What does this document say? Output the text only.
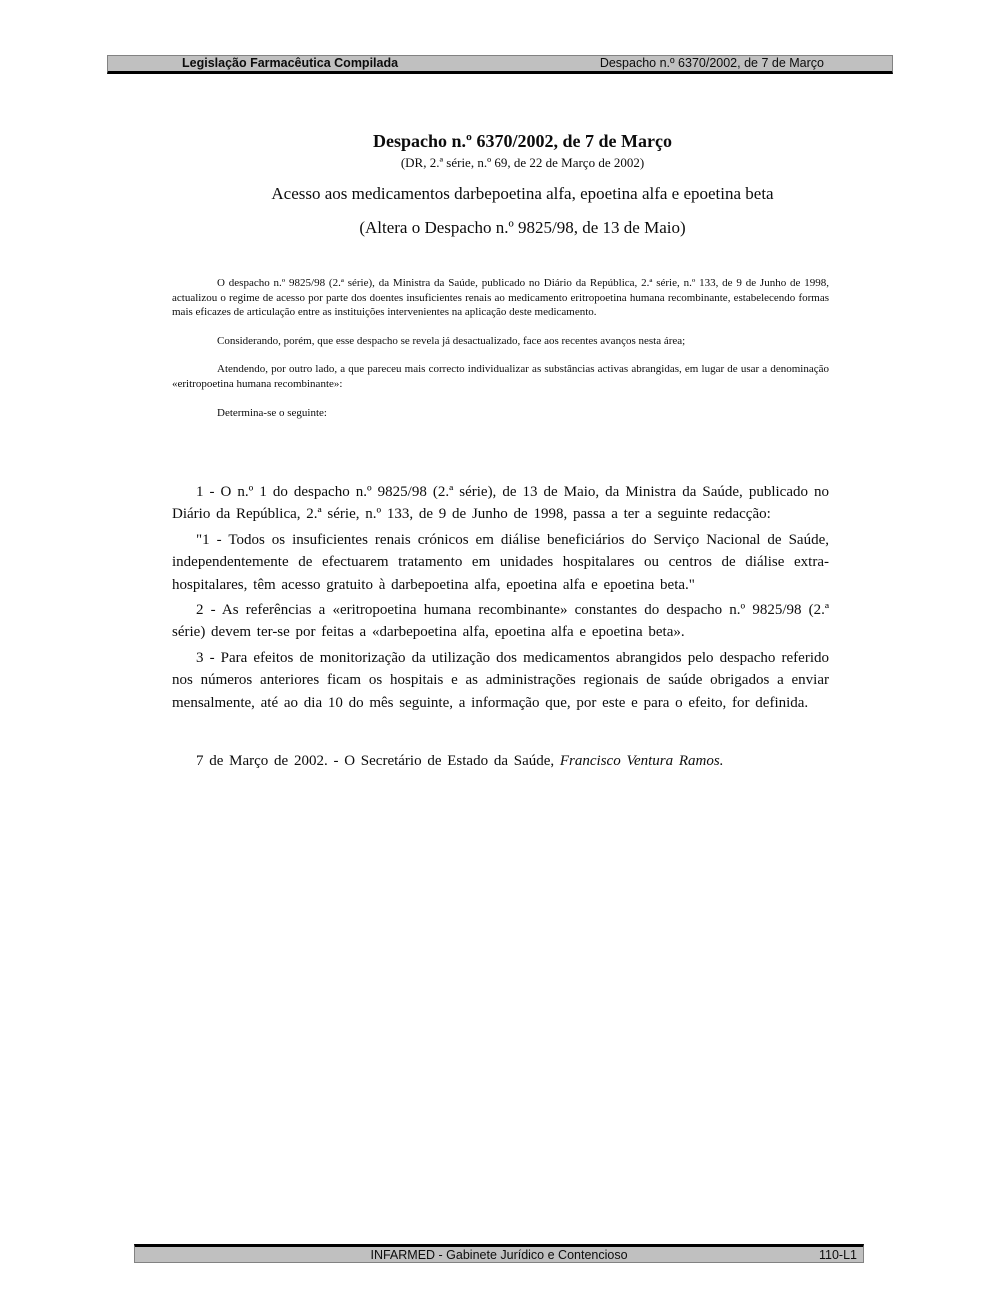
Legislação Farmacêutica Compilada	Despacho n.º 6370/2002, de 7 de Março
Despacho n.º 6370/2002, de 7 de Março
(DR, 2.ª série, n.º 69, de 22 de Março de 2002)
Acesso aos medicamentos darbepoetina alfa, epoetina alfa e epoetina beta
(Altera o Despacho n.º 9825/98, de 13 de Maio)

O despacho n.º 9825/98 (2.ª série), da Ministra da Saúde, publicado no Diário da República, 2.ª série, n.º 133, de 9 de Junho de 1998, actualizou o regime de acesso por parte dos doentes insuficientes renais ao medicamento eritropoetina humana recombinante, estabelecendo formas mais eficazes de articulação entre as instituições intervenientes na aplicação deste medicamento.

Considerando, porém, que esse despacho se revela já desactualizado, face aos recentes avanços nesta área;

Atendendo, por outro lado, a que pareceu mais correcto individualizar as substâncias activas abrangidas, em lugar de usar a denominação «eritropoetina humana recombinante»:

Determina-se o seguinte:

1 - O n.º 1 do despacho n.º 9825/98 (2.ª série), de 13 de Maio, da Ministra da Saúde, publicado no Diário da República, 2.ª série, n.º 133, de 9 de Junho de 1998, passa a ter a seguinte redacção:

"1 - Todos os insuficientes renais crónicos em diálise beneficiários do Serviço Nacional de Saúde, independentemente de efectuarem tratamento em unidades hospitalares ou centros de diálise extra-hospitalares, têm acesso gratuito à darbepoetina alfa, epoetina alfa e epoetina beta."

2 - As referências a «eritropoetina humana recombinante» constantes do despacho n.º 9825/98 (2.ª série) devem ter-se por feitas a «darbepoetina alfa, epoetina alfa e epoetina beta».

3 - Para efeitos de monitorização da utilização dos medicamentos abrangidos pelo despacho referido nos números anteriores ficam os hospitais e as administrações regionais de saúde obrigados a enviar mensalmente, até ao dia 10 do mês seguinte, a informação que, por este e para o efeito, for definida.

7 de Março de 2002. - O Secretário de Estado da Saúde, Francisco Ventura Ramos.

INFARMED - Gabinete Jurídico e Contencioso	110-L1
